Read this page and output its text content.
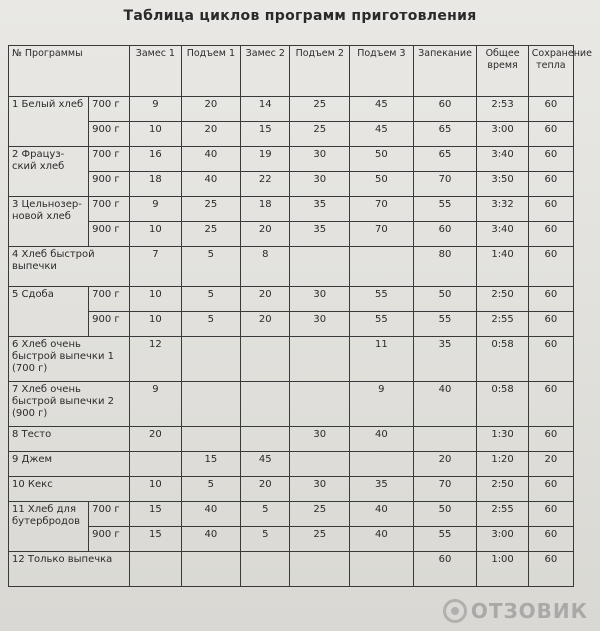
Таблица циклов программ приготовления
№ Программы		Замес 1	Подъем 1	Замес 2	Подъем 2	Подъем 3	Запекание	Общее время	Сохранение тепла
1 Белый хлеб	700 г	9	20	14	25	45	60	2:53	60
	900 г	10	20	15	25	45	65	3:00	60
2 Фрацуз-ский хлеб	700 г	16	40	19	30	50	65	3:40	60
	900 г	18	40	22	30	50	70	3:50	60
3 Цельнозер-новой хлеб	700 г	9	25	18	35	70	55	3:32	60
	900 г	10	25	20	35	70	60	3:40	60
4 Хлеб быстрой выпечки		7	5	8			80	1:40	60
5 Сдоба	700 г	10	5	20	30	55	50	2:50	60
	900 г	10	5	20	30	55	55	2:55	60
6 Хлеб очень быстрой выпечки 1 (700 г)		12				11	35	0:58	60
7 Хлеб очень быстрой выпечки 2 (900 г)		9				9	40	0:58	60
8 Тесто		20			30	40		1:30	60
9 Джем			15	45			20	1:20	20
10 Кекс		10	5	20	30	35	70	2:50	60
11 Хлеб для бутербродов	700 г	15	40	5	25	40	50	2:55	60
	900 г	15	40	5	25	40	55	3:00	60
12 Только выпечка							60	1:00	60
ОТЗОВИК
